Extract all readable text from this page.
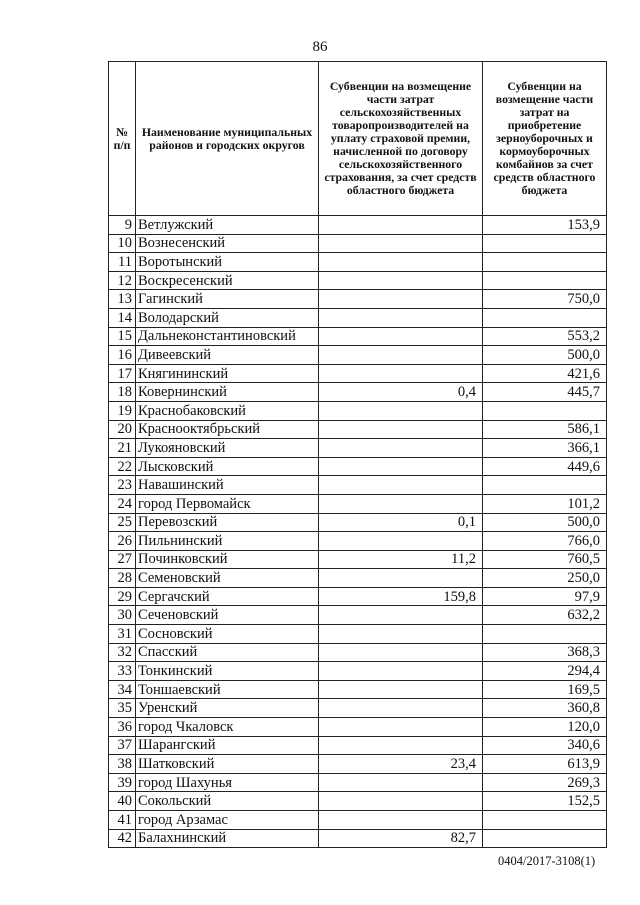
86
№ п/п	Наименование муниципальных районов и городских округов	Субвенции на возмещение части затрат сельскохозяйственных товаропроизводителей на уплату страховой премии, начисленной по договору сельскохозяйственного страхования, за счет средств областного бюджета	Субвенции на возмещение части затрат на приобретение зерноуборочных и кормоуборочных комбайнов за счет средств областного бюджета
9	Ветлужский		153,9
10	Вознесенский		
11	Воротынский		
12	Воскресенский		
13	Гагинский		750,0
14	Володарский		
15	Дальнеконстантиновский		553,2
16	Дивеевский		500,0
17	Княгининский		421,6
18	Ковернинский	0,4	445,7
19	Краснобаковский		
20	Краснооктябрьский		586,1
21	Лукояновский		366,1
22	Лысковский		449,6
23	Навашинский		
24	город Первомайск		101,2
25	Перевозский	0,1	500,0
26	Пильнинский		766,0
27	Починковский	11,2	760,5
28	Семеновский		250,0
29	Сергачский	159,8	97,9
30	Сеченовский		632,2
31	Сосновский		
32	Спасский		368,3
33	Тонкинский		294,4
34	Тоншаевский		169,5
35	Уренский		360,8
36	город Чкаловск		120,0
37	Шарангский		340,6
38	Шатковский	23,4	613,9
39	город Шахунья		269,3
40	Сокольский		152,5
41	город Арзамас		
42	Балахнинский	82,7	
0404/2017-3108(1)
